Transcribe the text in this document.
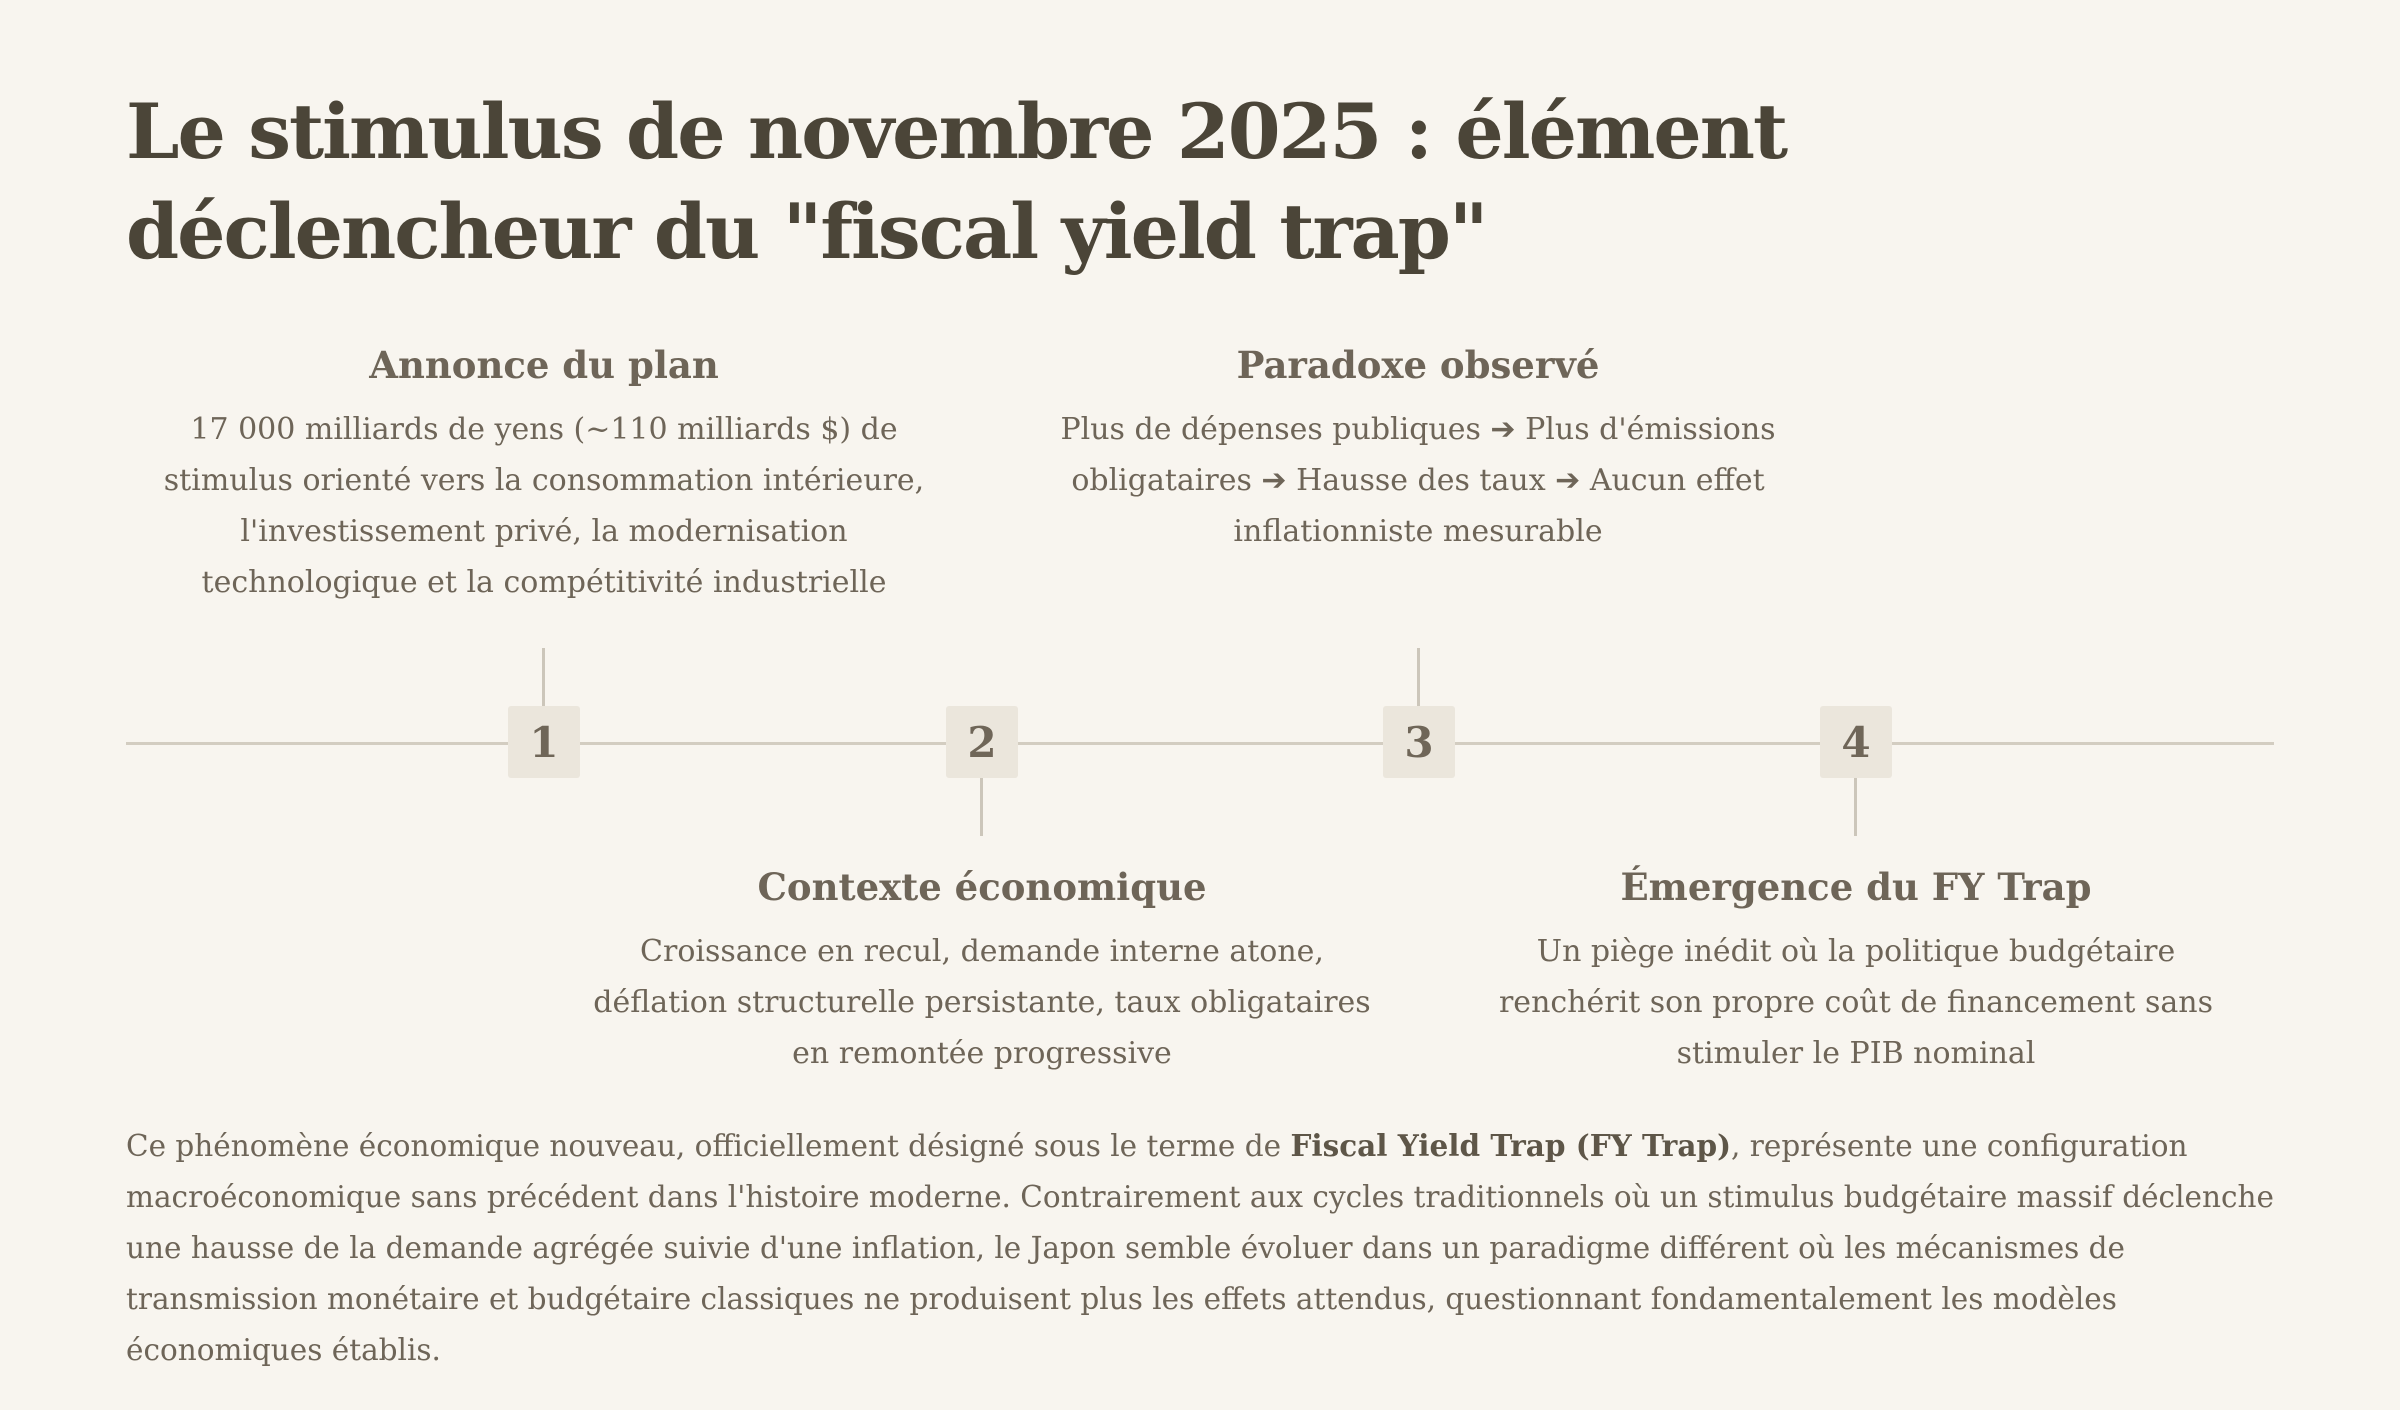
Le stimulus de novembre 2025 : élément déclencheur du "fiscal yield trap"

Annonce du plan

17 000 milliards de yens (~110 milliards $) de stimulus orienté vers la consommation intérieure, l'investissement privé, la modernisation technologique et la compétitivité industrielle

1	2

Contexte économique

Croissance en recul, demande interne atone, déflation structurelle persistante, taux obligataires en remontée progressive

Paradoxe observé

Plus de dépenses publiques ➔ Plus d'émissions obligataires ➔ Hausse des taux ➔ Aucun effet inflationniste mesurable

3	4

Émergence du FY Trap

Un piège inédit où la politique budgétaire renchérit son propre coût de financement sans stimuler le PIB nominal

Ce phénomène économique nouveau, officiellement désigné sous le terme de Fiscal Yield Trap (FY Trap), représente une configuration macroéconomique sans précédent dans l'histoire moderne. Contrairement aux cycles traditionnels où un stimulus budgétaire massif déclenche une hausse de la demande agrégée suivie d'une inflation, le Japon semble évoluer dans un paradigme différent où les mécanismes de transmission monétaire et budgétaire classiques ne produisent plus les effets attendus, questionnant fondamentalement les modèles économiques établis.
